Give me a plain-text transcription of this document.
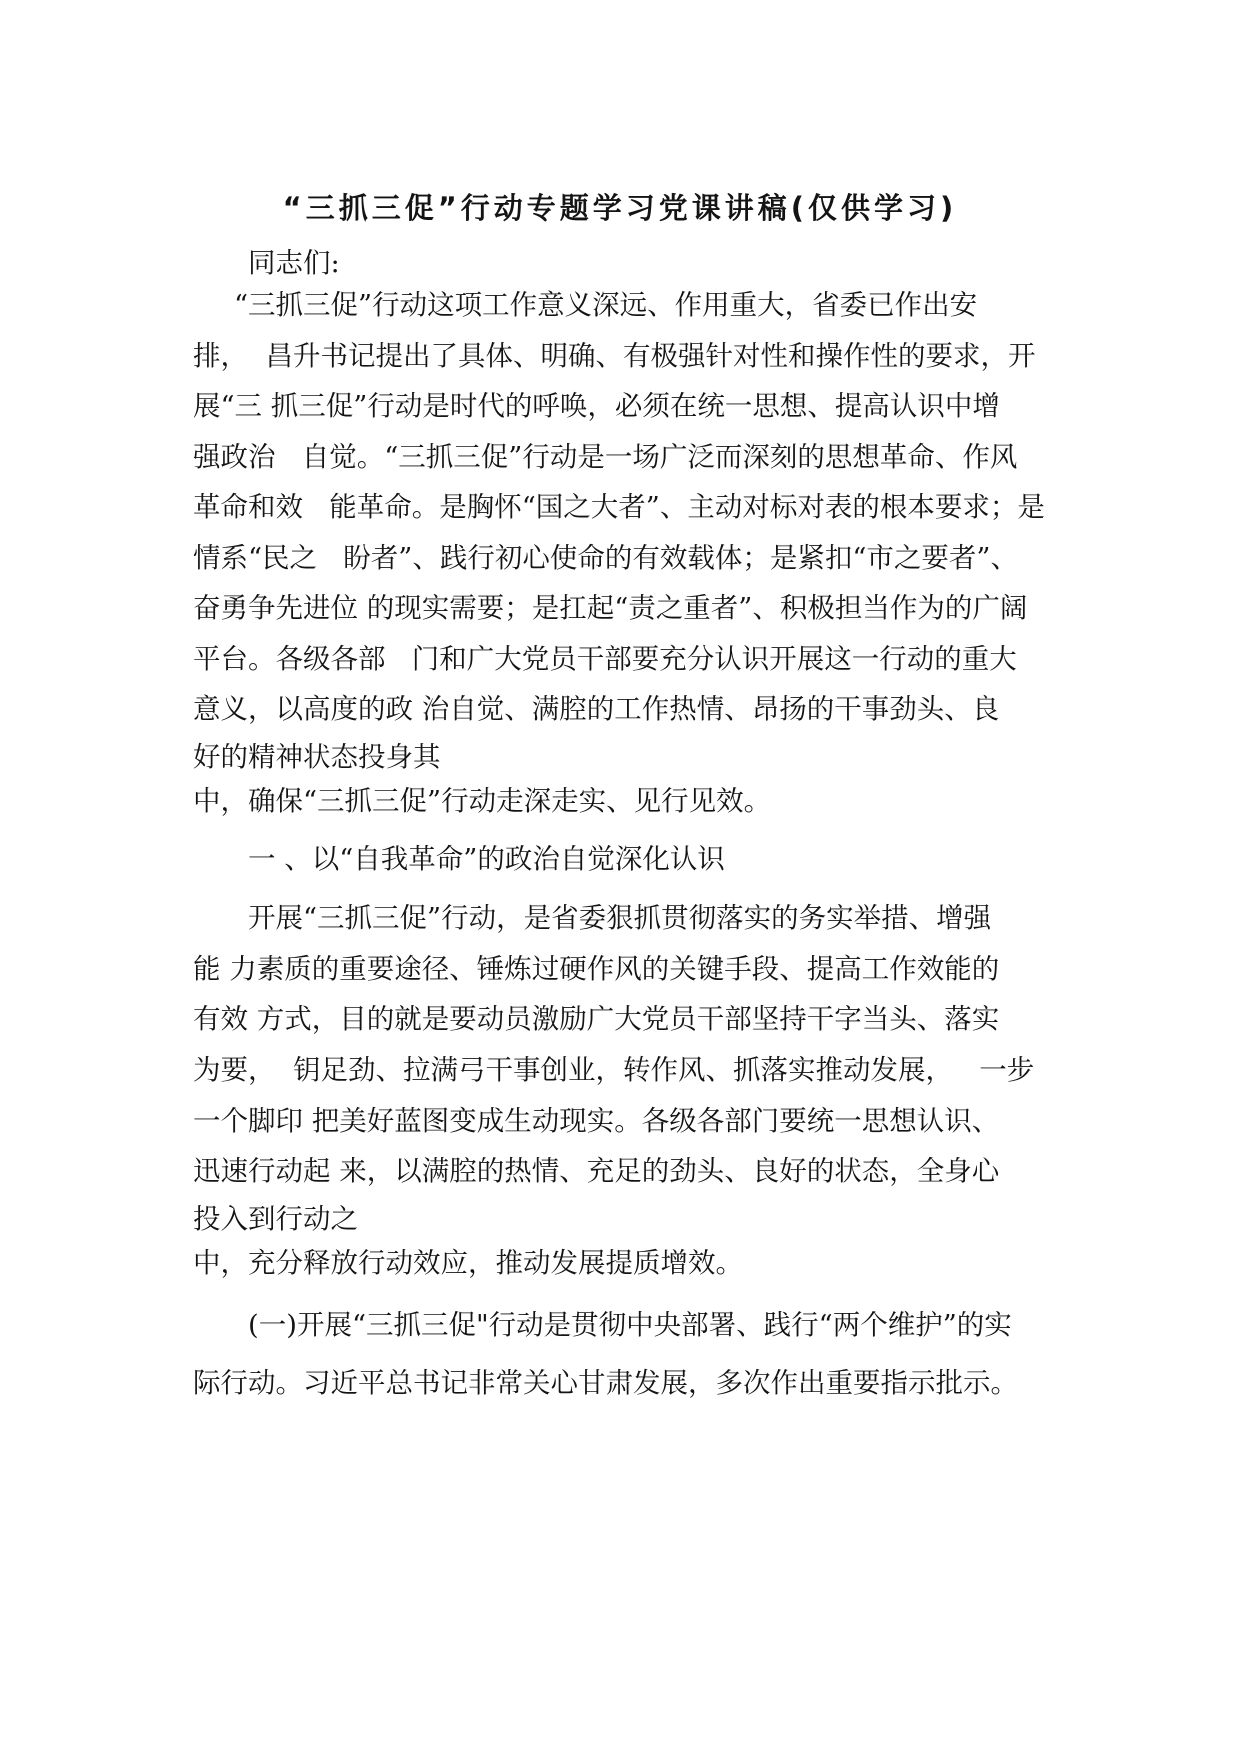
“三抓三促”行动专题学习党课讲稿(仅供学习)
同志们:
“三抓三促”行动这项工作意义深远、作用重大，省委已作出安
排，  昌升书记提出了具体、明确、有极强针对性和操作性的要求，开
展“三 抓三促”行动是时代的呼唤，必须在统一思想、提高认识中增
强政治   自觉。“三抓三促”行动是一场广泛而深刻的思想革命、作风
革命和效   能革命。是胸怀“国之大者”、主动对标对表的根本要求；是
情系“民之   盼者”、践行初心使命的有效载体；是紧扣“市之要者”、
奋勇争先进位 的现实需要；是扛起“责之重者”、积极担当作为的广阔
平台。各级各部   门和广大党员干部要充分认识开展这一行动的重大
意义，以高度的政 治自觉、满腔的工作热情、昂扬的干事劲头、良
好的精神状态投身其
中，确保“三抓三促”行动走深走实、见行见效。
一 、以“自我革命”的政治自觉深化认识
开展“三抓三促”行动，是省委狠抓贯彻落实的务实举措、增强
能 力素质的重要途径、锤炼过硬作风的关键手段、提高工作效能的
有效 方式，目的就是要动员激励广大党员干部坚持干字当头、落实
为要，  钥足劲、拉满弓干事创业，转作风、抓落实推动发展，   一步
一个脚印 把美好蓝图变成生动现实。各级各部门要统一思想认识、
迅速行动起 来，以满腔的热情、充足的劲头、良好的状态，全身心
投入到行动之
中，充分释放行动效应，推动发展提质增效。
(一)开展“三抓三促"行动是贯彻中央部署、践行“两个维护”的实
际行动。习近平总书记非常关心甘肃发展，多次作出重要指示批示。
